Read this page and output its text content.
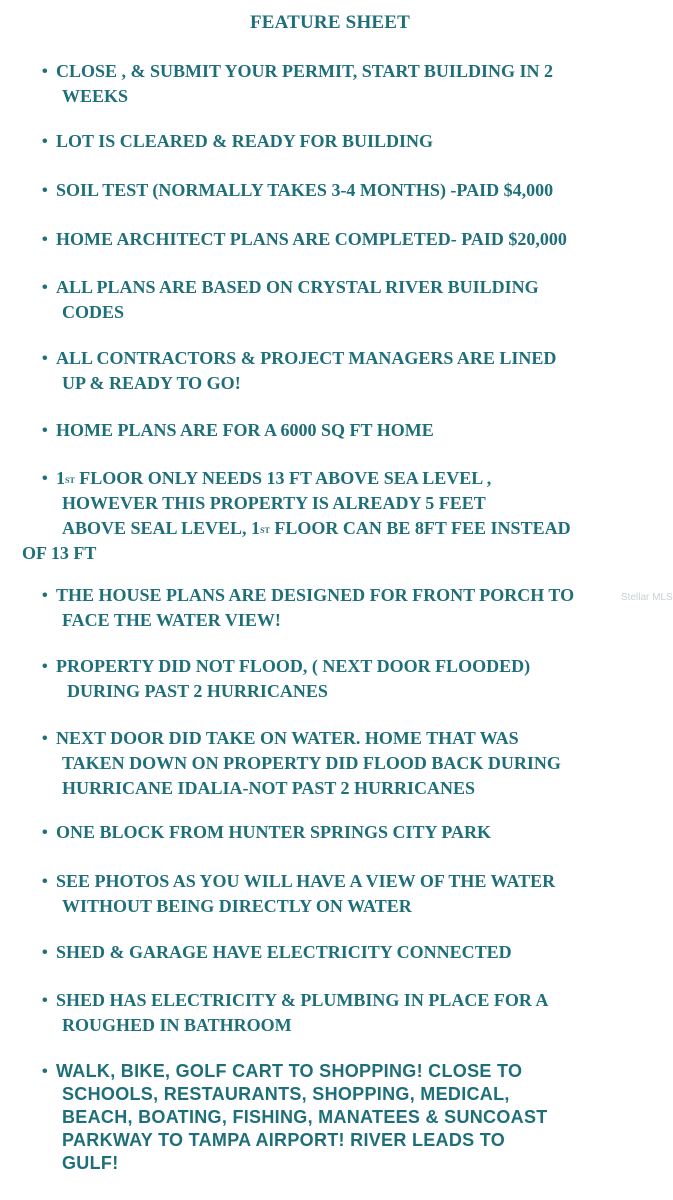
FEATURE SHEET
• CLOSE , & SUBMIT YOUR PERMIT, START BUILDING IN 2
WEEKS
• LOT IS CLEARED & READY FOR BUILDING
• SOIL TEST (NORMALLY TAKES 3-4 MONTHS) -PAID $4,000
• HOME ARCHITECT PLANS ARE COMPLETED- PAID $20,000
• ALL PLANS ARE BASED ON CRYSTAL RIVER BUILDING
CODES
• ALL CONTRACTORS & PROJECT MANAGERS ARE LINED
UP & READY TO GO!
• HOME PLANS ARE FOR A 6000 SQ FT HOME
• 1ST FLOOR ONLY NEEDS 13 FT ABOVE SEA LEVEL ,
HOWEVER THIS PROPERTY IS ALREADY 5 FEET
ABOVE SEAL LEVEL, 1ST FLOOR CAN BE 8FT FEE INSTEAD
OF 13 FT
• THE HOUSE PLANS ARE DESIGNED FOR FRONT PORCH TO
FACE THE WATER VIEW!
• PROPERTY DID NOT FLOOD, ( NEXT DOOR FLOODED)
DURING PAST 2 HURRICANES
• NEXT DOOR DID TAKE ON WATER. HOME THAT WAS
TAKEN DOWN ON PROPERTY DID FLOOD BACK DURING
HURRICANE IDALIA-NOT PAST 2 HURRICANES
• ONE BLOCK FROM HUNTER SPRINGS CITY PARK
• SEE PHOTOS AS YOU WILL HAVE A VIEW OF THE WATER
WITHOUT BEING DIRECTLY ON WATER
• SHED & GARAGE HAVE ELECTRICITY CONNECTED
• SHED HAS ELECTRICITY & PLUMBING IN PLACE FOR A
ROUGHED IN BATHROOM
• WALK, BIKE, GOLF CART TO SHOPPING! CLOSE TO
SCHOOLS, RESTAURANTS, SHOPPING, MEDICAL,
BEACH, BOATING, FISHING, MANATEES & SUNCOAST
PARKWAY TO TAMPA AIRPORT! RIVER LEADS TO
GULF!
Stellar MLS
